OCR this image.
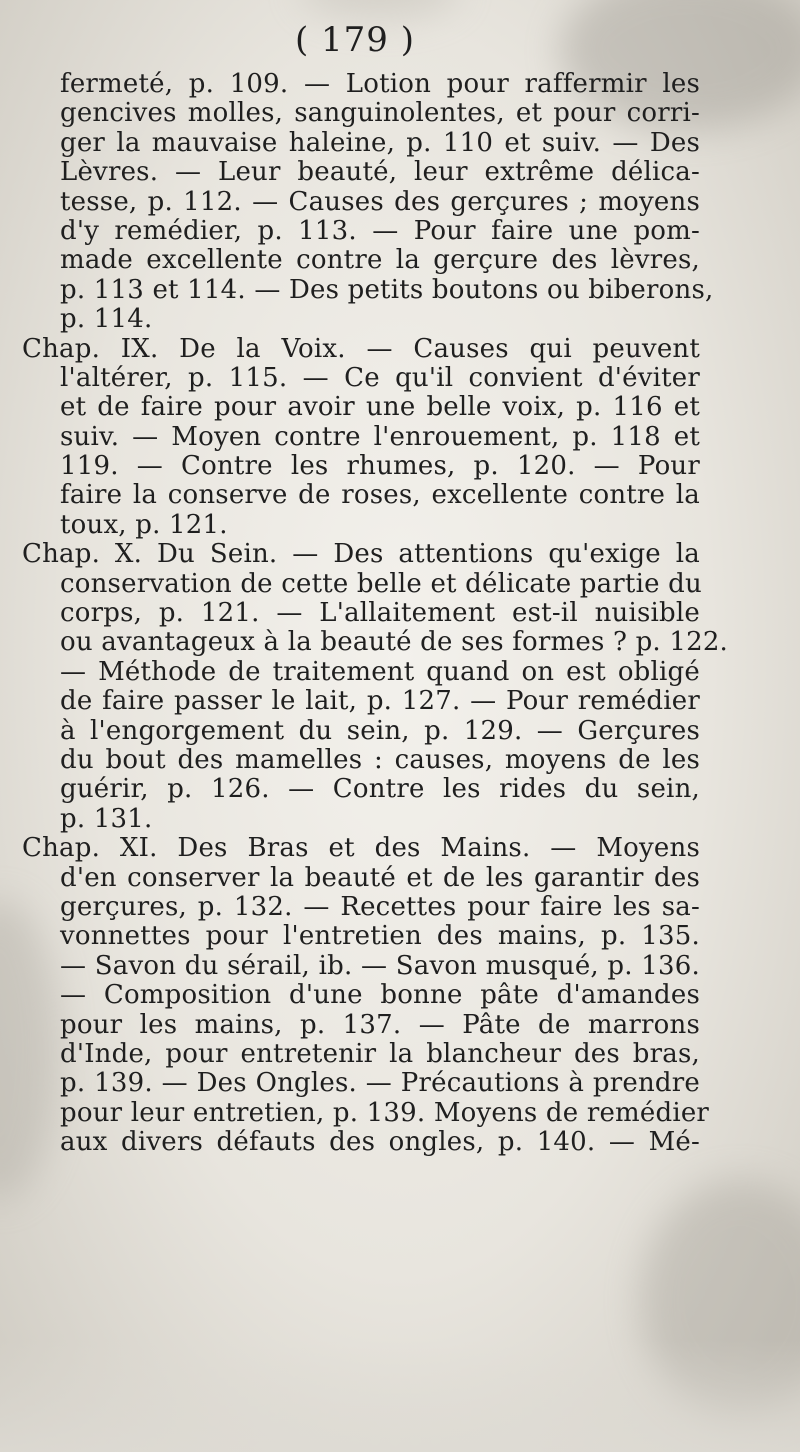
( 179 )
fermeté, p. 109. — Lotion pour raffermir les
gencives molles, sanguinolentes, et pour corri-
ger la mauvaise haleine, p. 110 et suiv. — Des
Lèvres. — Leur beauté, leur extrême délica-
tesse, p. 112. — Causes des gerçures ; moyens
d'y remédier, p. 113. — Pour faire une pom-
made excellente contre la gerçure des lèvres,
p. 113 et 114. — Des petits boutons ou biberons,
p. 114.
Chap. IX. De la Voix. — Causes qui peuvent
l'altérer, p. 115. — Ce qu'il convient d'éviter
et de faire pour avoir une belle voix, p. 116 et
suiv. — Moyen contre l'enrouement, p. 118 et
119. — Contre les rhumes, p. 120. — Pour
faire la conserve de roses, excellente contre la
toux, p. 121.
Chap. X. Du Sein. — Des attentions qu'exige la
conservation de cette belle et délicate partie du
corps, p. 121. — L'allaitement est-il nuisible
ou avantageux à la beauté de ses formes ? p. 122.
— Méthode de traitement quand on est obligé
de faire passer le lait, p. 127. — Pour remédier
à l'engorgement du sein, p. 129. — Gerçures
du bout des mamelles : causes, moyens de les
guérir, p. 126. — Contre les rides du sein,
p. 131.
Chap. XI. Des Bras et des Mains. — Moyens
d'en conserver la beauté et de les garantir des
gerçures, p. 132. — Recettes pour faire les sa-
vonnettes pour l'entretien des mains, p. 135.
— Savon du sérail, ib. — Savon musqué, p. 136.
— Composition d'une bonne pâte d'amandes
pour les mains, p. 137. — Pâte de marrons
d'Inde, pour entretenir la blancheur des bras,
p. 139. — Des Ongles. — Précautions à prendre
pour leur entretien, p. 139. Moyens de remédier
aux divers défauts des ongles, p. 140. — Mé-
